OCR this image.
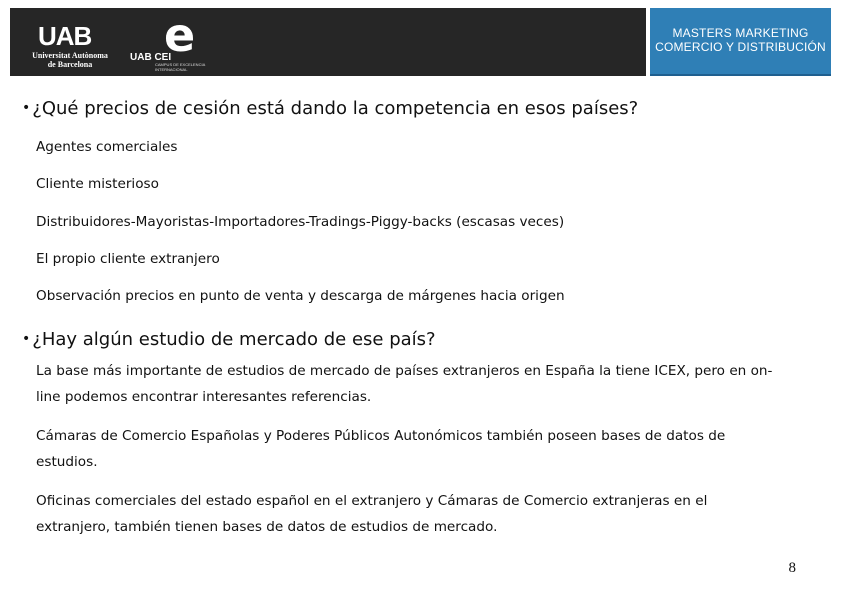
UAB
Universitat Autònoma
de Barcelona
e
UAB CEI
CAMPUS DE EXCELENCIA INTERNACIONAL
MASTERS MARKETING
COMERCIO Y DISTRIBUCIÓN

• ¿Qué precios de cesión está dando la competencia en esos países?

Agentes comerciales

Cliente misterioso

Distribuidores-Mayoristas-Importadores-Tradings-Piggy-backs (escasas veces)

El propio cliente extranjero

Observación precios en punto de venta y descarga de márgenes hacia origen

• ¿Hay algún estudio de mercado de ese país?

La base más importante de estudios de mercado de países extranjeros en España la tiene ICEX, pero en on-line podemos encontrar interesantes referencias.

Cámaras de Comercio Españolas y Poderes Públicos Autonómicos también poseen bases de datos de estudios.

Oficinas comerciales del estado español en el extranjero y Cámaras de Comercio extranjeras en el extranjero, también tienen bases de datos de estudios de mercado.

8
